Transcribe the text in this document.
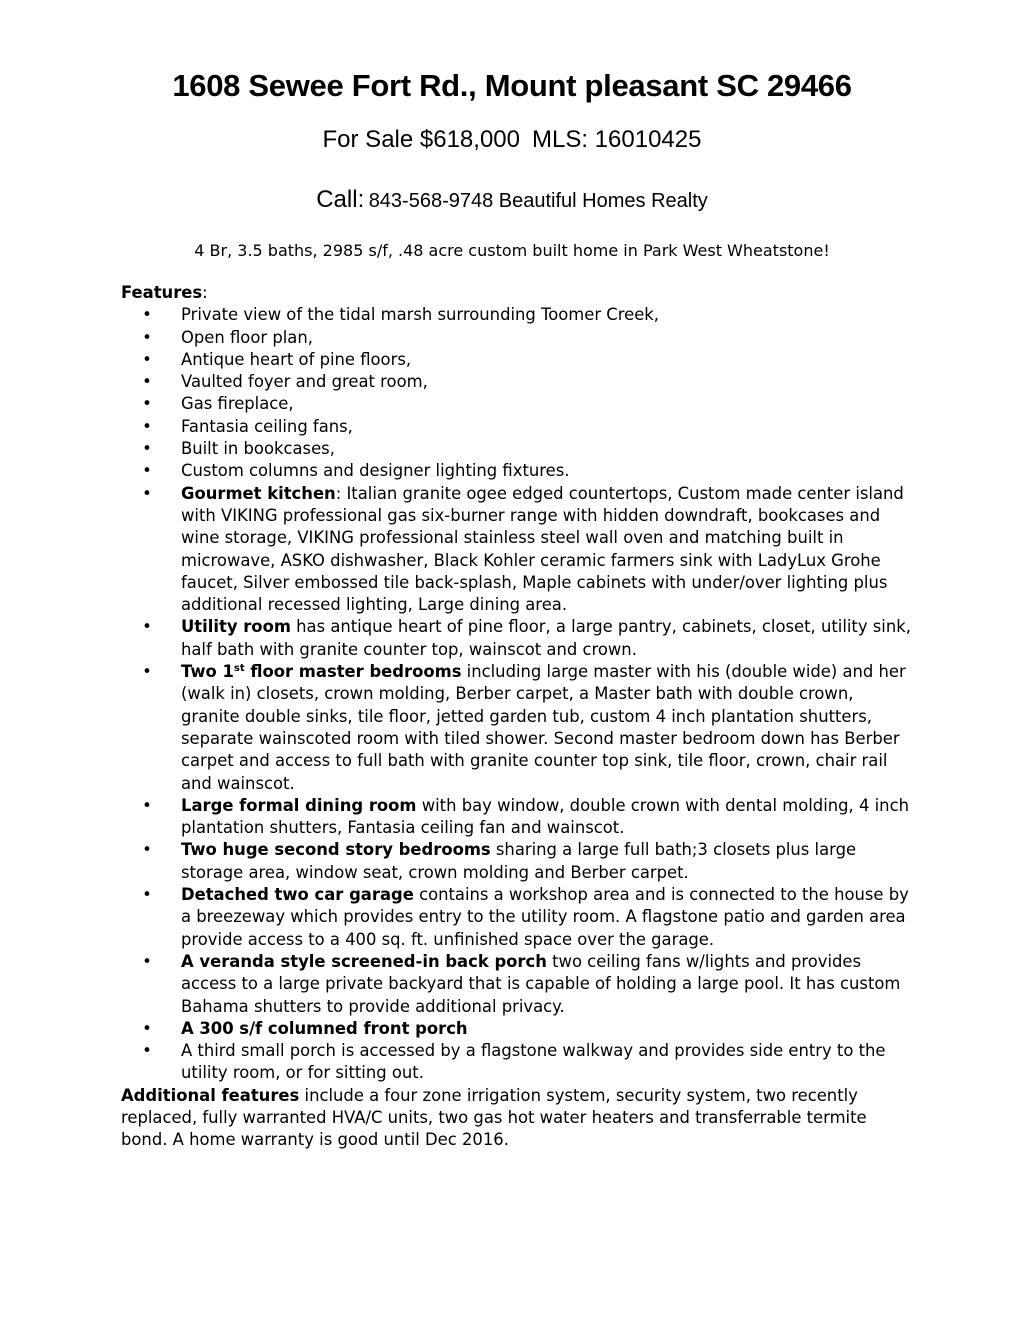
1608 Sewee Fort Rd., Mount pleasant SC 29466
For Sale $618,000 MLS: 16010425
Call: 843-568-9748 Beautiful Homes Realty
4 Br, 3.5 baths, 2985 s/f, .48 acre custom built home in Park West Wheatstone!

Features:

• Private view of the tidal marsh surrounding Toomer Creek,
• Open floor plan,
• Antique heart of pine floors,
• Vaulted foyer and great room,
• Gas fireplace,
• Fantasia ceiling fans,
• Built in bookcases,
• Custom columns and designer lighting fixtures.
• Gourmet kitchen: Italian granite ogee edged countertops, Custom made center island with VIKING professional gas six-burner range with hidden downdraft, bookcases and wine storage, VIKING professional stainless steel wall oven and matching built in microwave, ASKO dishwasher, Black Kohler ceramic farmers sink with LadyLux Grohe faucet, Silver embossed tile back-splash, Maple cabinets with under/over lighting plus additional recessed lighting, Large dining area.
• Utility room has antique heart of pine floor, a large pantry, cabinets, closet, utility sink, half bath with granite counter top, wainscot and crown.
• Two 1st floor master bedrooms including large master with his (double wide) and her (walk in) closets, crown molding, Berber carpet, a Master bath with double crown, granite double sinks, tile floor, jetted garden tub, custom 4 inch plantation shutters, separate wainscoted room with tiled shower. Second master bedroom down has Berber carpet and access to full bath with granite counter top sink, tile floor, crown, chair rail and wainscot.
• Large formal dining room with bay window, double crown with dental molding, 4 inch plantation shutters, Fantasia ceiling fan and wainscot.
• Two huge second story bedrooms sharing a large full bath;3 closets plus large storage area, window seat, crown molding and Berber carpet.
• Detached two car garage contains a workshop area and is connected to the house by a breezeway which provides entry to the utility room. A flagstone patio and garden area provide access to a 400 sq. ft. unfinished space over the garage.
• A veranda style screened-in back porch two ceiling fans w/lights and provides access to a large private backyard that is capable of holding a large pool. It has custom Bahama shutters to provide additional privacy.
• A 300 s/f columned front porch
• A third small porch is accessed by a flagstone walkway and provides side entry to the utility room, or for sitting out.

Additional features include a four zone irrigation system, security system, two recently replaced, fully warranted HVA/C units, two gas hot water heaters and transferrable termite bond. A home warranty is good until Dec 2016.
